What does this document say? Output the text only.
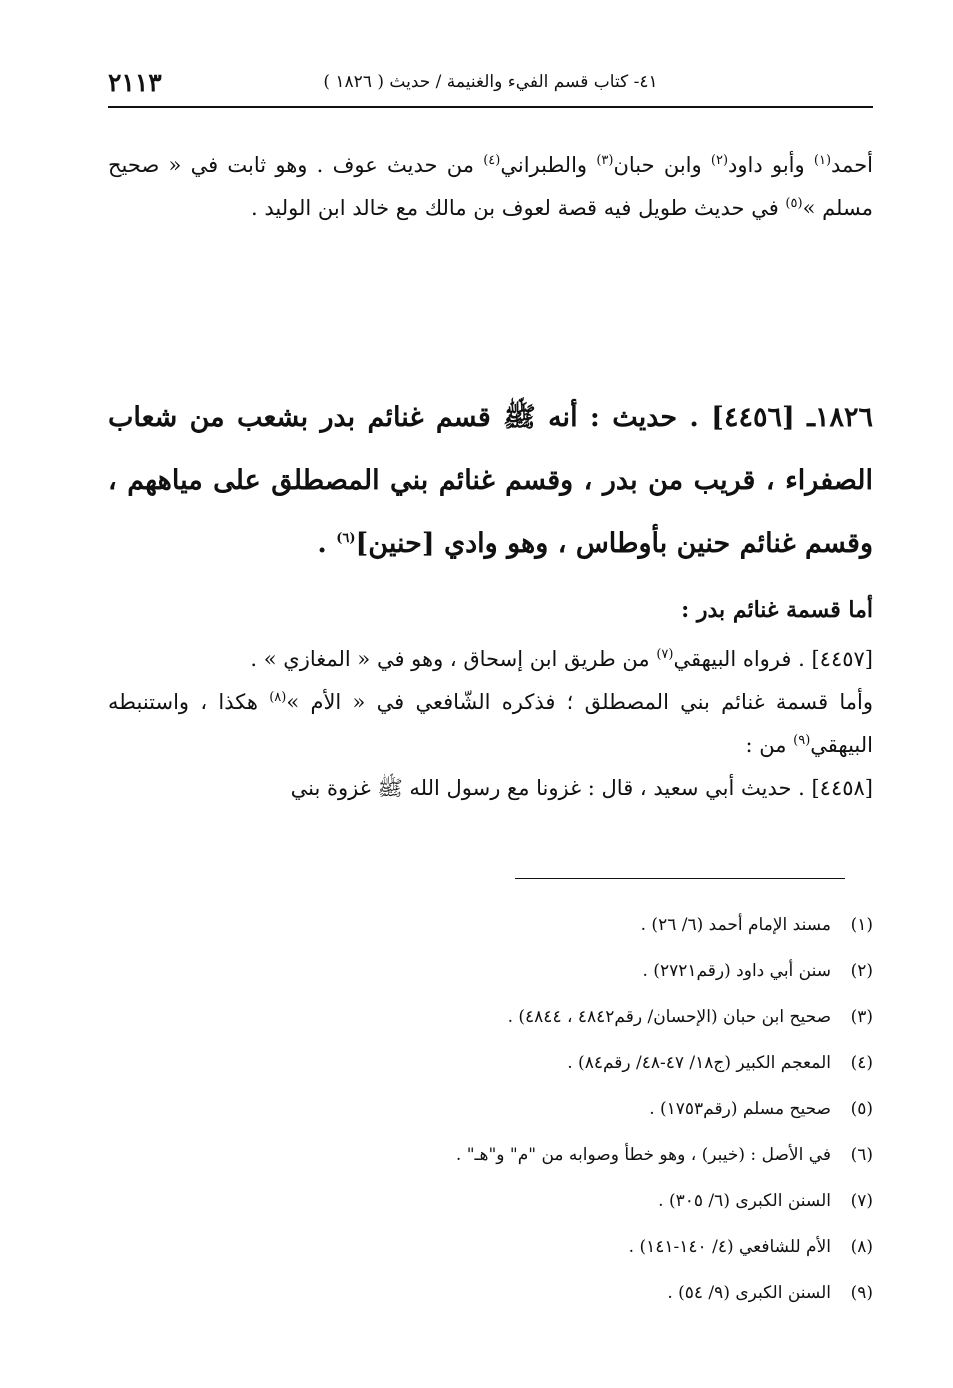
٤١- كتاب قسم الفيء والغنيمة / حديث ( ١٨٢٦ )
٢١١٣

أحمد$^{(١)}$ وأبو داود$^{(٢)}$ وابن حبان$^{(٣)}$ والطبراني$^{(٤)}$ من حديث عوف . وهو ثابت في « صحيح مسلم »$^{(٥)}$ في حديث طويل فيه قصة لعوف بن مالك مع خالد ابن الوليد .

١٨٢٦ـ [٤٤٥٦] . حديث : أنه ﷺ قسم غنائم بدر بشعب من شعاب الصفراء ، قريب من بدر ، وقسم غنائم بني المصطلق على مياههم ، وقسم غنائم حنين بأوطاس ، وهو وادي [حنين]$^{(٦)}$ .

أما قسمة غنائم بدر :

[٤٤٥٧] . فرواه البيهقي$^{(٧)}$ من طريق ابن إسحاق ، وهو في « المغازي » .

وأما قسمة غنائم بني المصطلق ؛ فذكره الشّافعي في « الأم »$^{(٨)}$ هكذا ، واستنبطه البيهقي$^{(٩)}$ من :

[٤٤٥٨] . حديث أبي سعيد ، قال : غزونا مع رسول الله ﷺ غزوة بني

(١)مسند الإمام أحمد (٦/ ٢٦) .
(٢)سنن أبي داود (رقم٢٧٢١) .
(٣)صحيح ابن حبان (الإحسان/ رقم٤٨٤٢ ، ٤٨٤٤) .
(٤)المعجم الكبير (ج١٨/ ٤٧-٤٨/ رقم٨٤) .
(٥)صحيح مسلم (رقم١٧٥٣) .
(٦)في الأصل : (خيبر) ، وهو خطأ وصوابه من "م" و"هـ" .
(٧)السنن الكبرى (٦/ ٣٠٥) .
(٨)الأم للشافعي (٤/ ١٤٠-١٤١) .
(٩)السنن الكبرى (٩/ ٥٤) .
